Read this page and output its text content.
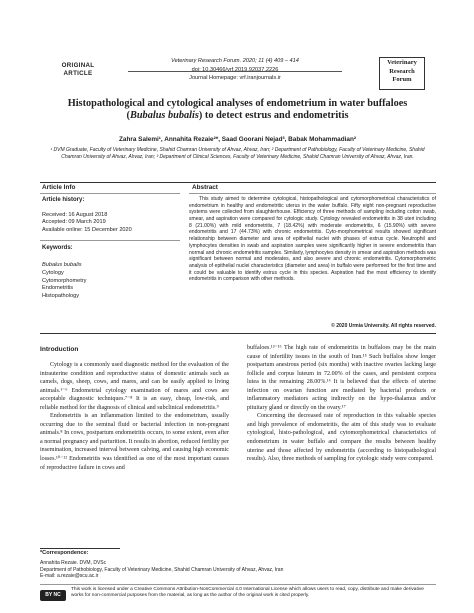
ORIGINAL
ARTICLE
Veterinary Research Forum. 2020; 11 (4) 409 – 414
doi: 10.30466/vrf.2019.92037.2226
Journal Homepage: vrf.iranjournals.ir
Veterinary
Research
Forum
Histopathological and cytological analyses of endometrium in water buffaloes
(Bubalus bubalis) to detect estrus and endometritis
Zahra Salemi¹, Annahita Rezaie²*, Saad Goorani Nejad³, Babak Mohammadian²
¹ DVM Graduate, Faculty of Veterinary Medicine, Shahid Chamran University of Ahvaz, Ahvaz, Iran; ² Department of Pathobiology, Faculty of Veterinary Medicine, Shahid Chamran University of Ahvaz, Ahvaz, Iran; ³ Department of Clinical Sciences, Faculty of Veterinary Medicine, Shahid Chamran University of Ahvaz, Ahvaz, Iran.
Article Info	Abstract
Article history:
Received: 16 August 2018
Accepted: 09 March 2019
Available online: 15 December 2020
Keywords:
Bubalus bubalis
Cytology
Cytomorphometry
Endometritis
Histopathology
This study aimed to determine cytological, histopathological and cytomorphometrical characteristics of endometrium in healthy and endometritic uterus in the water buffalo. Fifty eight non-pregnant reproductive systems were collected from slaughterhouse. Efficiency of three methods of sampling including cotton swab, smear, and aspiration were compared for cytologic study. Cytology revealed endometritis in 38 uteri including 8 (21.00%) with mild endometritis, 7 (18.42%) with moderate endometritis, 6 (15.90%) with severe endometritis and 17 (44.73%) with chronic endometritis. Cyto-morphometrical results showed significant relationship between diameter and area of epithelial nuclei with phases of estrus cycle. Neutrophil and lymphocytes densities in swab and aspiration samples were significantly higher in severe endometritis than normal and chronic endometritis samples. Similarly, lymphocytes density in smear and aspiration methods was significant between normal and moderates, and also severe and chronic endometritis. Cytomorphometric analysis of epithelial nuclei characteristics (diameter and area) in buffalo were performed for the first time and it could be valuable to identify estrus cycle in this species. Aspiration had the most efficiency to identify endometritis in comparison with other methods.
© 2020 Urmia University. All rights reserved.
Introduction

Cytology is a commonly used diagnostic method for the evaluation of the intrauterine condition and reproductive status of domestic animals such as camels, dogs, sheep, cows, and mares, and can be easily applied to living animals.¹⁻⁶ Endometrial cytology examination of mares and cows are acceptable diagnostic techniques.⁷⁻⁸ It is an easy, cheap, low-risk, and reliable method for the diagnosis of clinical and subclinical endometritis.⁹

Endometritis is an inflammation limited to the endometrium, usually occurring due to the seminal fluid or bacterial infection in non-pregnant animals.⁸ In cows, postpartum endometritis occurs, to some extent, even after a normal pregnancy and parturition. It results in abortion, reduced fertility per insemination, increased interval between calving, and causing high economic losses.¹⁰⁻¹² Endometritis was identified as one of the most important causes of reproductive failure in cows and

buffaloes.¹³⁻¹⁶ The high rate of endometritis in buffaloes may be the main cause of infertility issues in the south of Iran.¹⁵ Such buffalos show longer postpartum anestrous period (six months) with inactive ovaries lacking large follicle and corpus luteum in 72.00% of the cases, and persistent corpora lutea in the remaining 28.00%.¹⁶ It is believed that the effects of uterine infection on ovarian function are mediated by bacterial products or inflammatory mediators acting indirectly on the hypo-thalamus and/or pituitary gland or directly on the ovary.¹⁷

Concerning the decreased rate of reproduction in this valuable species and high prevalence of endometritis, the aim of this study was to evaluate cytological, histo-pathological, and cytomorphometrical characteristics of endometrium in water buffalo and compare the results between healthy uterine and those affected by endometritis (according to histopathological results). Also, three methods of sampling for cytologic study were compared.

*Correspondence:
Annahita Rezaie. DVM, DVSc
Department of Pathobiology, Faculty of Veterinary Medicine, Shahid Chamran University of Ahvaz, Ahvaz, Iran
E-mail: a.rezaie@scu.ac.ir
BY NC
This work is licensed under a Creative Commons Attribution-NonCommercial 4.0 International License which allows users to read, copy, distribute and make derivative works for non-commercial purposes from the material, as long as the author of the original work is cited properly.
